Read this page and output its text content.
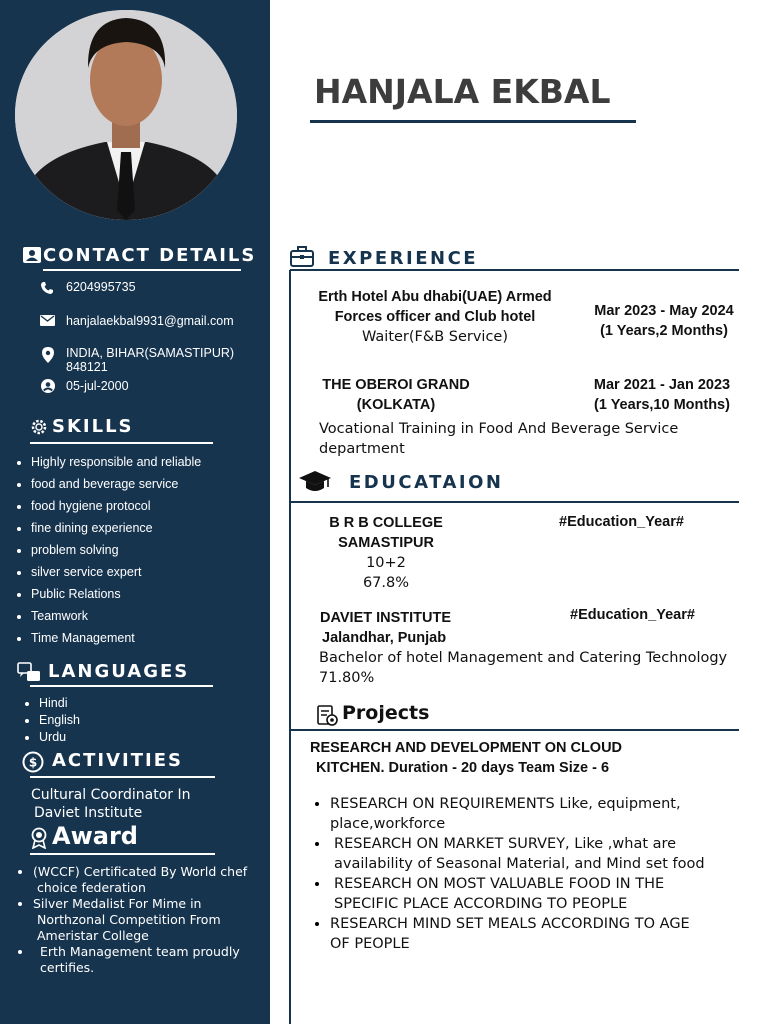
CONTACT DETAILS
6204995735
hanjalaekbal9931@gmail.com
INDIA, BIHAR(SAMASTIPUR)
848121
05-jul-2000
SKILLS
• Highly responsible and reliable
• food and beverage service
• food hygiene protocol
• fine dining experience
• problem solving
• silver service expert
• Public Relations
• Teamwork
• Time Management
LANGUAGES
• Hindi
• English
• Urdu
$ ACTIVITIES
Cultural Coordinator In
Daviet Institute
Award
• (WCCF) Certificated By World chef
choice federation
• Silver Medalist For Mime in
Northzonal Competition From
Ameristar College
• Erth Management team proudly
certifies.
HANJALA EKBAL
EXPERIENCE
Erth Hotel Abu dhabi(UAE) Armed
Forces officer and Club hotel
Waiter(F&B Service)
Mar 2023 - May 2024
(1 Years,2 Months)
THE OBEROI GRAND
(KOLKATA)
Mar 2021 - Jan 2023
(1 Years,10 Months)
Vocational Training in Food And Beverage Service
department
EDUCATAION
B R B COLLEGE
SAMASTIPUR
10+2
67.8%
#Education_Year#
DAVIET INSTITUTE
Jalandhar, Punjab
#Education_Year#
Bachelor of hotel Management and Catering Technology
71.80%
Projects
RESEARCH AND DEVELOPMENT ON CLOUD
KITCHEN. Duration - 20 days Team Size - 6
• RESEARCH ON REQUIREMENTS Like, equipment,
place,workforce
• RESEARCH ON MARKET SURVEY, Like ,what are
availability of Seasonal Material, and Mind set food
• RESEARCH ON MOST VALUABLE FOOD IN THE
SPECIFIC PLACE ACCORDING TO PEOPLE
• RESEARCH MIND SET MEALS ACCORDING TO AGE
OF PEOPLE
